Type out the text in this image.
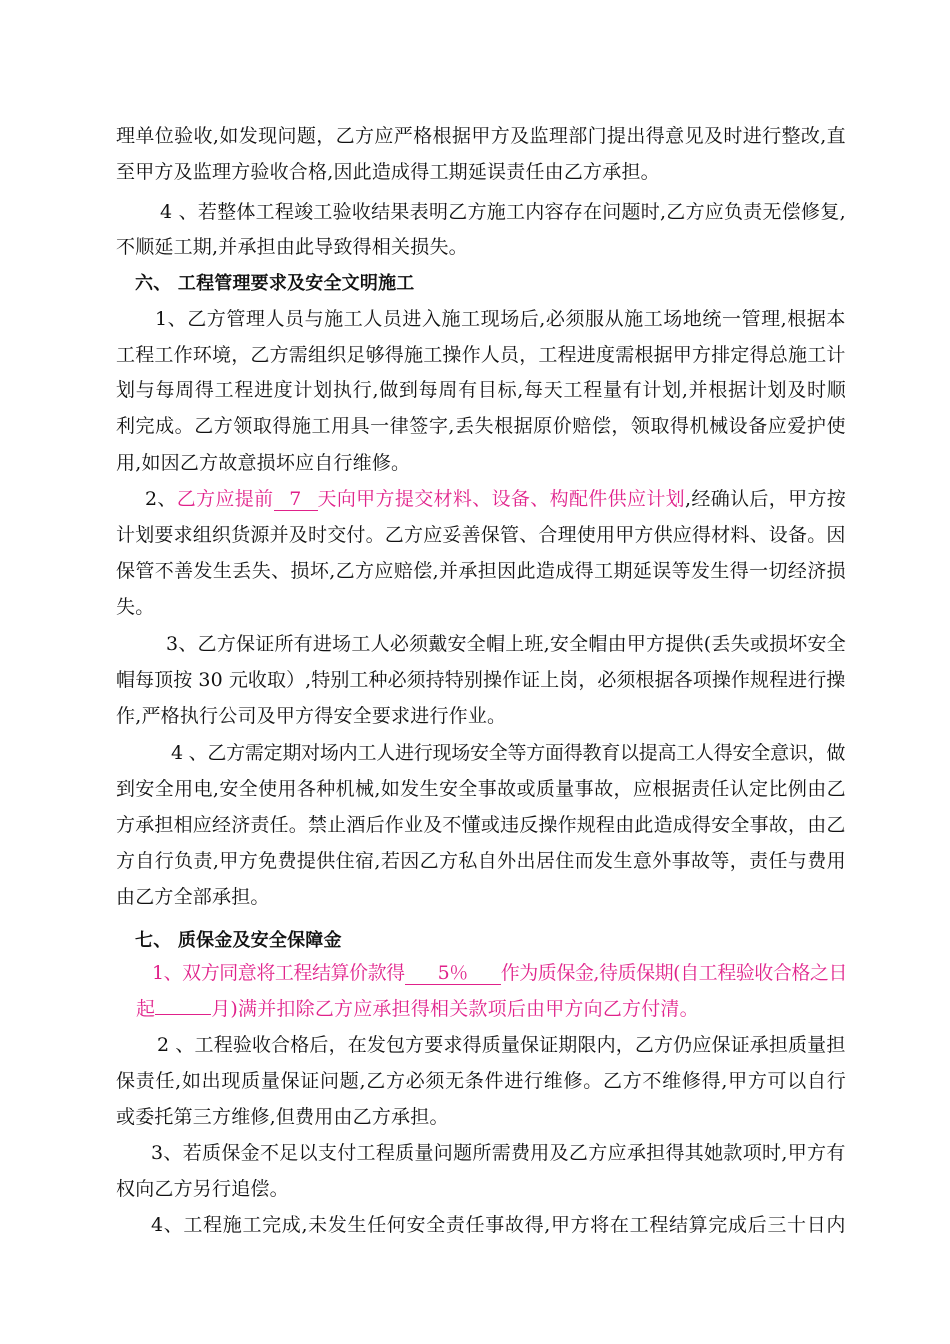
理单位验收,如发现问题，乙方应严格根据甲方及监理部门提出得意见及时进行整改,直
至甲方及监理方验收合格,因此造成得工期延误责任由乙方承担。
4 、若整体工程竣工验收结果表明乙方施工内容存在问题时,乙方应负责无偿修复,
不顺延工期,并承担由此导致得相关损失。
六、 工程管理要求及安全文明施工
1、乙方管理人员与施工人员进入施工现场后,必须服从施工场地统一管理,根据本
工程工作环境，乙方需组织足够得施工操作人员，工程进度需根据甲方排定得总施工计
划与每周得工程进度计划执行,做到每周有目标,每天工程量有计划,并根据计划及时顺
利完成。乙方领取得施工用具一律签字,丢失根据原价赔偿，领取得机械设备应爱护使
用,如因乙方故意损坏应自行维修。
2、乙方应提前 7 天向甲方提交材料、设备、构配件供应计划,经确认后，甲方按
计划要求组织货源并及时交付。乙方应妥善保管、合理使用甲方供应得材料、设备。因
保管不善发生丢失、损坏,乙方应赔偿,并承担因此造成得工期延误等发生得一切经济损
失。
3、乙方保证所有进场工人必须戴安全帽上班,安全帽由甲方提供(丢失或损坏安全
帽每顶按 30 元收取）,特别工种必须持特别操作证上岗，必须根据各项操作规程进行操
作,严格执行公司及甲方得安全要求进行作业。
4 、乙方需定期对场内工人进行现场安全等方面得教育以提高工人得安全意识，做
到安全用电,安全使用各种机械,如发生安全事故或质量事故，应根据责任认定比例由乙
方承担相应经济责任。禁止酒后作业及不懂或违反操作规程由此造成得安全事故，由乙
方自行负责,甲方免费提供住宿,若因乙方私自外出居住而发生意外事故等，责任与费用
由乙方全部承担。
七、 质保金及安全保障金
1、双方同意将工程结算价款得 5％ 作为质保金,待质保期(自工程验收合格之日
起	月)满并扣除乙方应承担得相关款项后由甲方向乙方付清。
2 、工程验收合格后，在发包方要求得质量保证期限内，乙方仍应保证承担质量担
保责任,如出现质量保证问题,乙方必须无条件进行维修。乙方不维修得,甲方可以自行
或委托第三方维修,但费用由乙方承担。
3、若质保金不足以支付工程质量问题所需费用及乙方应承担得其她款项时,甲方有
权向乙方另行追偿。
4、工程施工完成,未发生任何安全责任事故得,甲方将在工程结算完成后三十日内
